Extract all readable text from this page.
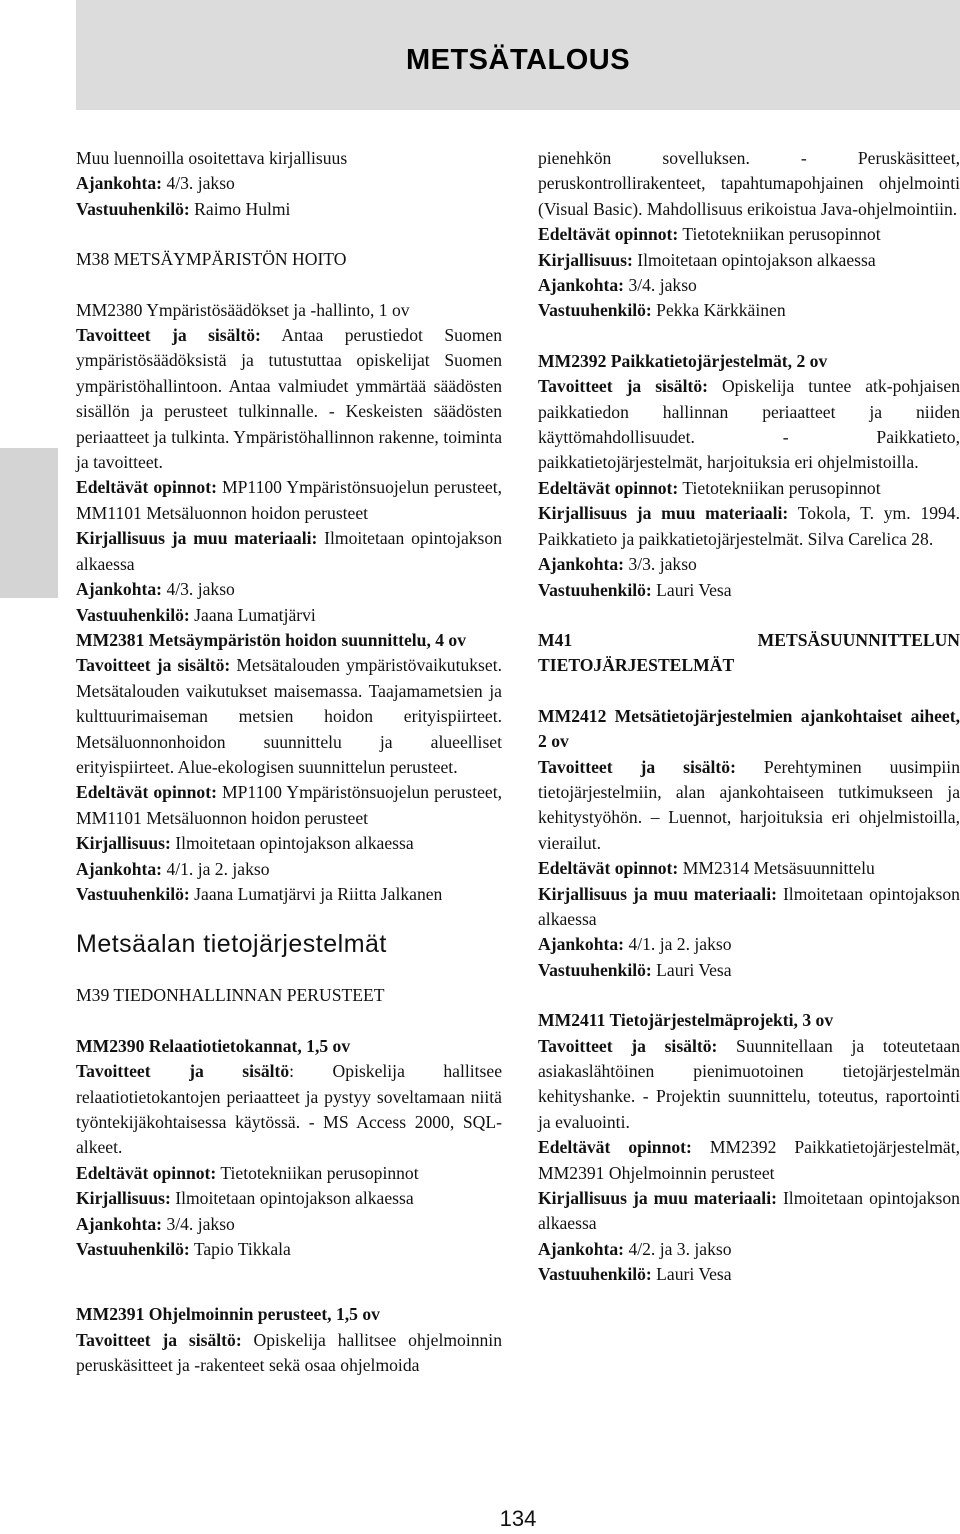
METSÄTALOUS
Muu luennoilla osoitettava kirjallisuus
Ajankohta: 4/3. jakso
Vastuuhenkilö: Raimo Hulmi
M38 METSÄYMPÄRISTÖN HOITO
MM2380 Ympäristösäädökset ja -hallinto, 1 ov

Tavoitteet ja sisältö: Antaa perustiedot Suomen ympäristösäädöksistä ja tutustuttaa opiskelijat Suomen ympäristöhallintoon. Antaa valmiudet ymmärtää säädösten sisällön ja perusteet tulkinnalle. - Keskeisten säädösten periaatteet ja tulkinta. Ympäristöhallinnon rakenne, toiminta ja tavoitteet.

Edeltävät opinnot: MP1100 Ympäristönsuojelun perusteet, MM1101 Metsäluonnon hoidon perusteet

Kirjallisuus ja muu materiaali: Ilmoitetaan opintojakson alkaessa

Ajankohta: 4/3. jakso
Vastuuhenkilö: Jaana Lumatjärvi
MM2381 Metsäympäristön hoidon suunnittelu, 4 ov

Tavoitteet ja sisältö: Metsätalouden ympäristövaikutukset. Metsätalouden vaikutukset maisemassa. Taajamametsien ja kulttuurimaiseman metsien hoidon erityispiirteet. Metsäluonnonhoidon suunnittelu ja alueelliset erityispiirteet. Alue-ekologisen suunnittelun perusteet.

Edeltävät opinnot: MP1100 Ympäristönsuojelun perusteet, MM1101 Metsäluonnon hoidon perusteet

Kirjallisuus: Ilmoitetaan opintojakson alkaessa

Ajankohta: 4/1. ja 2. jakso
Vastuuhenkilö: Jaana Lumatjärvi ja Riitta Jalkanen
Metsäalan tietojärjestelmät
M39 TIEDONHALLINNAN PERUSTEET
MM2390 Relaatiotietokannat, 1,5 ov

Tavoitteet ja sisältö: Opiskelija hallitsee relaatiotietokantojen periaatteet ja pystyy soveltamaan niitä työntekijäkohtaisessa käytössä. - MS Access 2000, SQL- alkeet.

Edeltävät opinnot: Tietotekniikan perusopinnot

Kirjallisuus: Ilmoitetaan opintojakson alkaessa

Ajankohta: 3/4. jakso
Vastuuhenkilö: Tapio Tikkala
MM2391 Ohjelmoinnin perusteet, 1,5 ov

Tavoitteet ja sisältö: Opiskelija hallitsee ohjelmoinnin peruskäsitteet ja -rakenteet sekä osaa ohjelmoida

pienehkön sovelluksen. - Peruskäsitteet, peruskontrollirakenteet, tapahtumapohjainen ohjelmointi (Visual Basic). Mahdollisuus erikoistua Java-ohjelmointiin.

Edeltävät opinnot: Tietotekniikan perusopinnot

Kirjallisuus: Ilmoitetaan opintojakson alkaessa

Ajankohta: 3/4. jakso
Vastuuhenkilö: Pekka Kärkkäinen
MM2392 Paikkatietojärjestelmät, 2 ov

Tavoitteet ja sisältö: Opiskelija tuntee atk-pohjaisen paikkatiedon hallinnan periaatteet ja niiden käyttömahdollisuudet. - Paikkatieto, paikkatietojärjestelmät, harjoituksia eri ohjelmistoilla.

Edeltävät opinnot: Tietotekniikan perusopinnot

Kirjallisuus ja muu materiaali: Tokola, T. ym. 1994. Paikkatieto ja paikkatietojärjestelmät. Silva Carelica 28.

Ajankohta: 3/3. jakso
Vastuuhenkilö: Lauri Vesa

M41 METSÄSUUNNITTELUN TIETOJÄRJESTELMÄT

MM2412 Metsätietojärjestelmien ajankohtaiset aiheet, 2 ov

Tavoitteet ja sisältö: Perehtyminen uusimpiin tietojärjestelmiin, alan ajankohtaiseen tutkimukseen ja kehitystyöhön. – Luennot, harjoituksia eri ohjelmistoilla, vierailut.

Edeltävät opinnot: MM2314 Metsäsuunnittelu

Kirjallisuus ja muu materiaali: Ilmoitetaan opintojakson alkaessa

Ajankohta: 4/1. ja 2. jakso
Vastuuhenkilö: Lauri Vesa
MM2411 Tietojärjestelmäprojekti, 3 ov

Tavoitteet ja sisältö: Suunnitellaan ja toteutetaan asiakaslähtöinen pienimuotoinen tietojärjestelmän kehityshanke. - Projektin suunnittelu, toteutus, raportointi ja evaluointi.

Edeltävät opinnot: MM2392 Paikkatietojärjestelmät, MM2391 Ohjelmoinnin perusteet

Kirjallisuus ja muu materiaali: Ilmoitetaan opintojakson alkaessa

Ajankohta: 4/2. ja 3. jakso
Vastuuhenkilö: Lauri Vesa
134
